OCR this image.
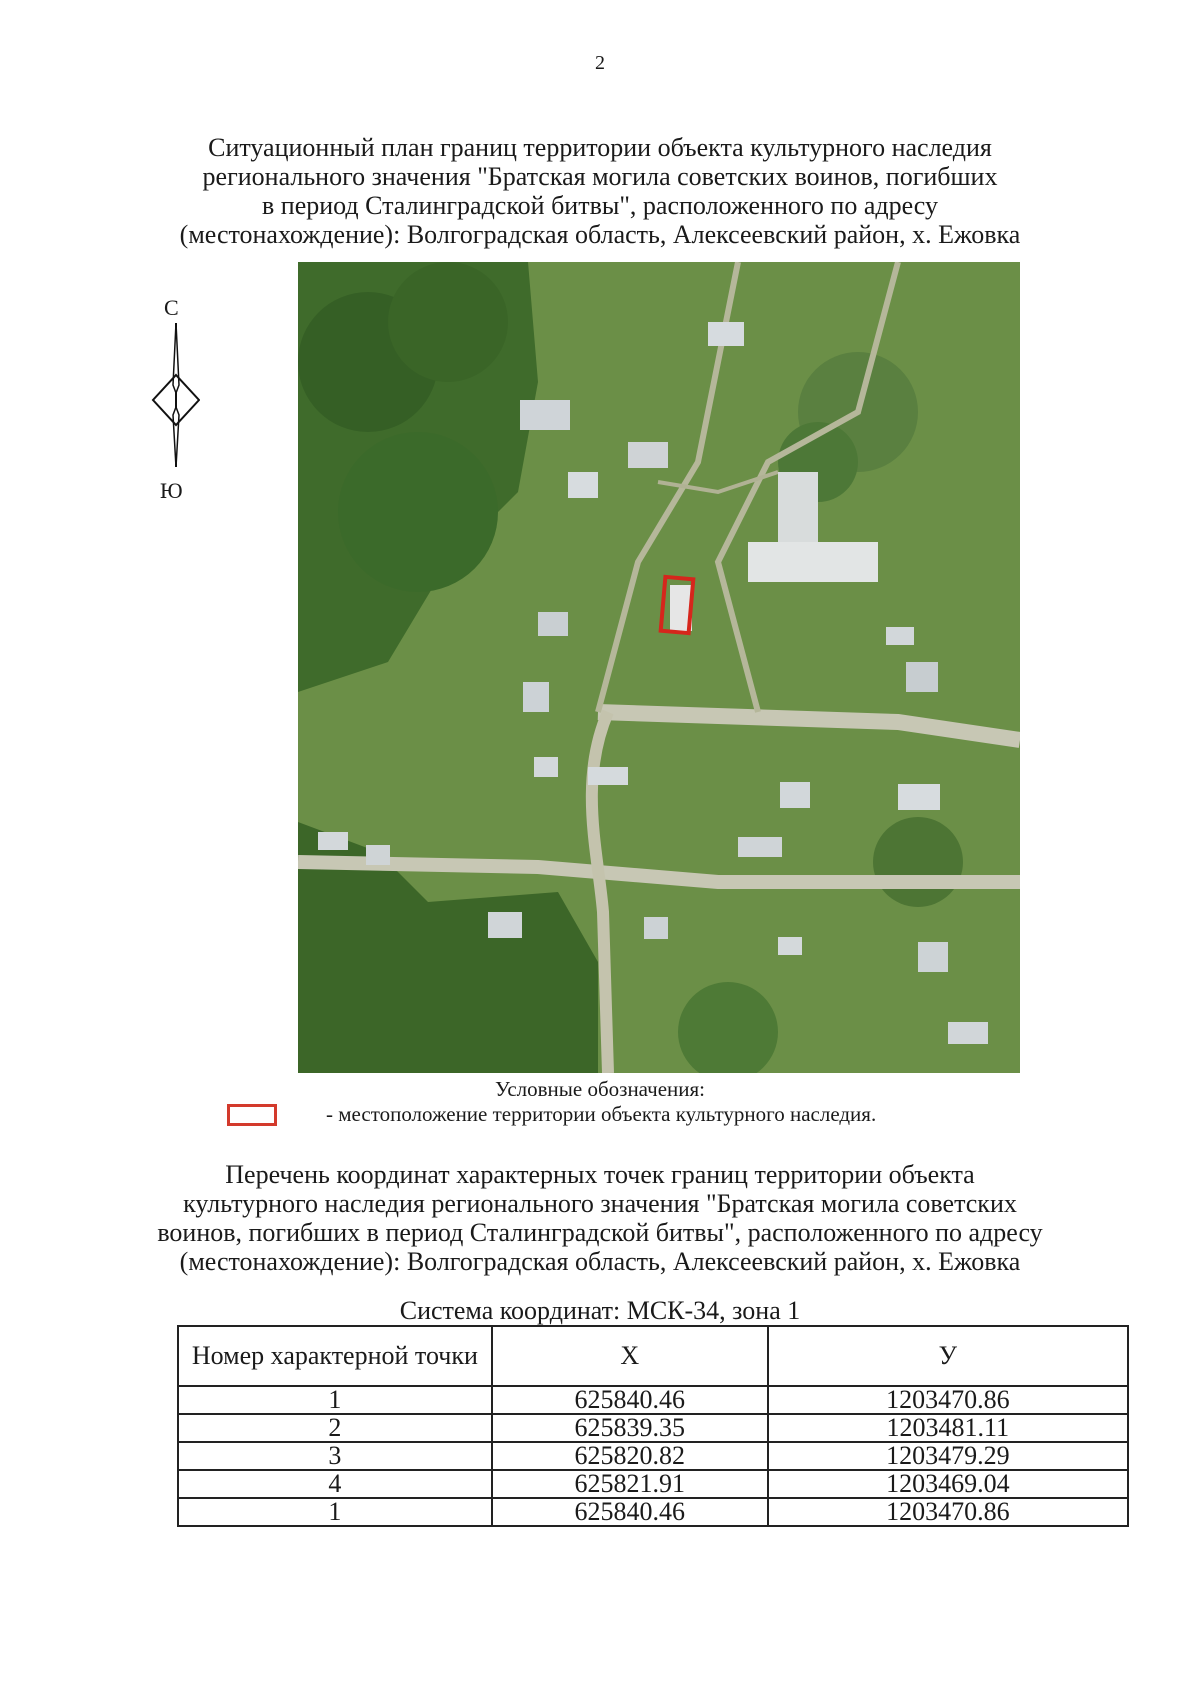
2
Ситуационный план границ территории объекта культурного наследия
регионального значения "Братская могила советских воинов, погибших
в период Сталинградской битвы", расположенного по адресу
(местонахождение): Волгоградская область, Алексеевский район, х. Ежовка
С
Ю
Условные обозначения:
- местоположение территории объекта культурного наследия.
Перечень координат характерных точек границ территории объекта
культурного наследия регионального значения "Братская могила советских
воинов, погибших в период Сталинградской битвы", расположенного по адресу
(местонахождение): Волгоградская область, Алексеевский район, х. Ежовка
Система координат: МСК-34, зона 1
Номер характерной точки	X	У
1	625840.46	1203470.86
2	625839.35	1203481.11
3	625820.82	1203479.29
4	625821.91	1203469.04
1	625840.46	1203470.86
